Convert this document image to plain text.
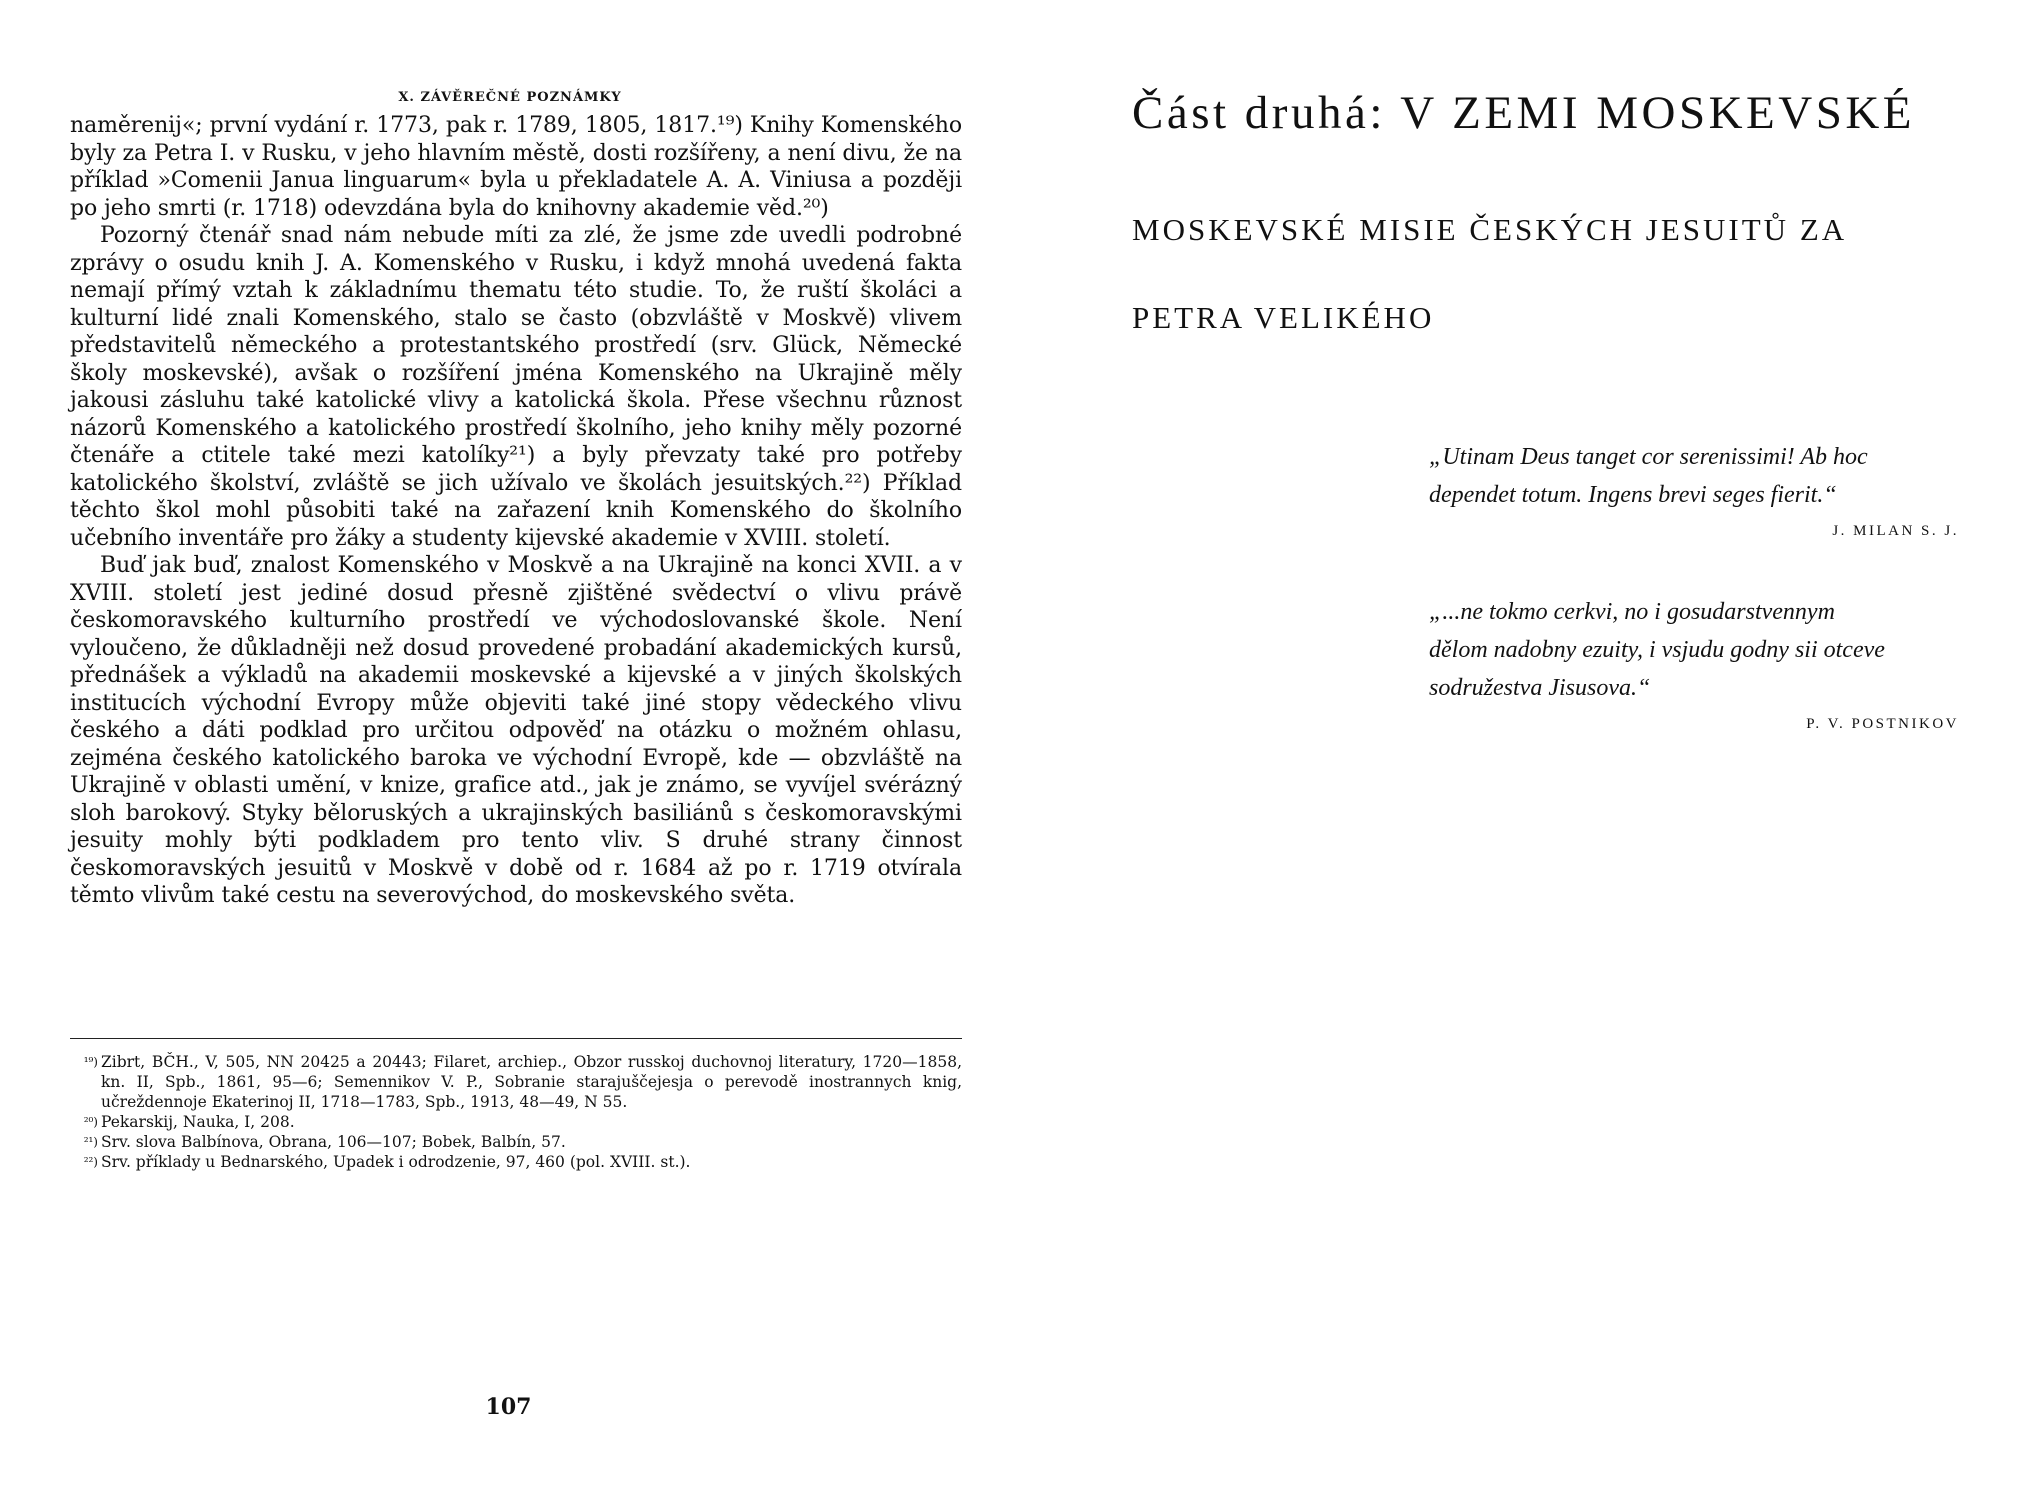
X. ZÁVĚREČNÉ POZNÁMKY

naměrenij«; první vydání r. 1773, pak r. 1789, 1805, 1817.¹⁹) Knihy Komenského byly za Petra I. v Rusku, v jeho hlavním městě, dosti rozšířeny, a není divu, že na příklad »Comenii Janua linguarum« byla u překladatele A. A. Viniusa a později po jeho smrti (r. 1718) odevzdána byla do knihovny akademie věd.²⁰)

Pozorný čtenář snad nám nebude míti za zlé, že jsme zde uvedli podrobné zprávy o osudu knih J. A. Komenského v Rusku, i když mnohá uvedená fakta nemají přímý vztah k základnímu thematu této studie. To, že ruští školáci a kulturní lidé znali Komenského, stalo se často (obzvláště v Moskvě) vlivem představitelů německého a protestantského prostředí (srv. Glück, Německé školy moskevské), avšak o rozšíření jména Komenského na Ukrajině měly jakousi zásluhu také katolické vlivy a katolická škola. Přese všechnu různost názorů Komenského a katolického prostředí školního, jeho knihy měly pozorné čtenáře a ctitele také mezi katolíky²¹) a byly převzaty také pro potřeby katolického školství, zvláště se jich užívalo ve školách jesuitských.²²) Příklad těchto škol mohl působiti také na zařazení knih Komenského do školního učebního inventáře pro žáky a studenty kijevské akademie v XVIII. století.

Buď jak buď, znalost Komenského v Moskvě a na Ukrajině na konci XVII. a v XVIII. století jest jediné dosud přesně zjištěné svědectví o vlivu právě českomoravského kulturního prostředí ve východoslovanské škole. Není vyloučeno, že důkladněji než dosud provedené probadání akademických kursů, přednášek a výkladů na akademii moskevské a kijevské a v jiných školských institucích východní Evropy může objeviti také jiné stopy vědeckého vlivu českého a dáti podklad pro určitou odpověď na otázku o možném ohlasu, zejména českého katolického baroka ve východní Evropě, kde — obzvláště na Ukrajině v oblasti umění, v knize, grafice atd., jak je známo, se vyvíjel svérázný sloh barokový. Styky běloruských a ukrajinských basiliánů s českomoravskými jesuity mohly býti podkladem pro tento vliv. S druhé strany činnost českomoravských jesuitů v Moskvě v době od r. 1684 až po r. 1719 otvírala těmto vlivům také cestu na severovýchod, do moskevského světa.

¹⁹) Zibrt, BČH., V, 505, NN 20425 a 20443; Filaret, archiep., Obzor russkoj duchovnoj literatury, 1720—1858, kn. II, Spb., 1861, 95—6; Semennikov V. P., Sobranie starajuščejesja o perevodě inostrannych knig, učreždennoje Ekaterinoj II, 1718—1783, Spb., 1913, 48—49, N 55.
²⁰) Pekarskij, Nauka, I, 208.
²¹) Srv. slova Balbínova, Obrana, 106—107; Bobek, Balbín, 57.
²²) Srv. příklady u Bednarského, Upadek i odrodzenie, 97, 460 (pol. XVIII. st.).
107
Část druhá: V ZEMI MOSKEVSKÉ
MOSKEVSKÉ MISIE ČESKÝCH JESUITŮ ZA
PETRA VELIKÉHO
„Utinam Deus tanget cor serenissimi! Ab hoc
dependet totum. Ingens brevi seges fierit.“
J. MILAN S. J.
„...ne tokmo cerkvi, no i gosudarstvennym
dělom nadobny ezuity, i vsjudu godny sii otceve
sodružestva Jisusova.“
P. V. POSTNIKOV
